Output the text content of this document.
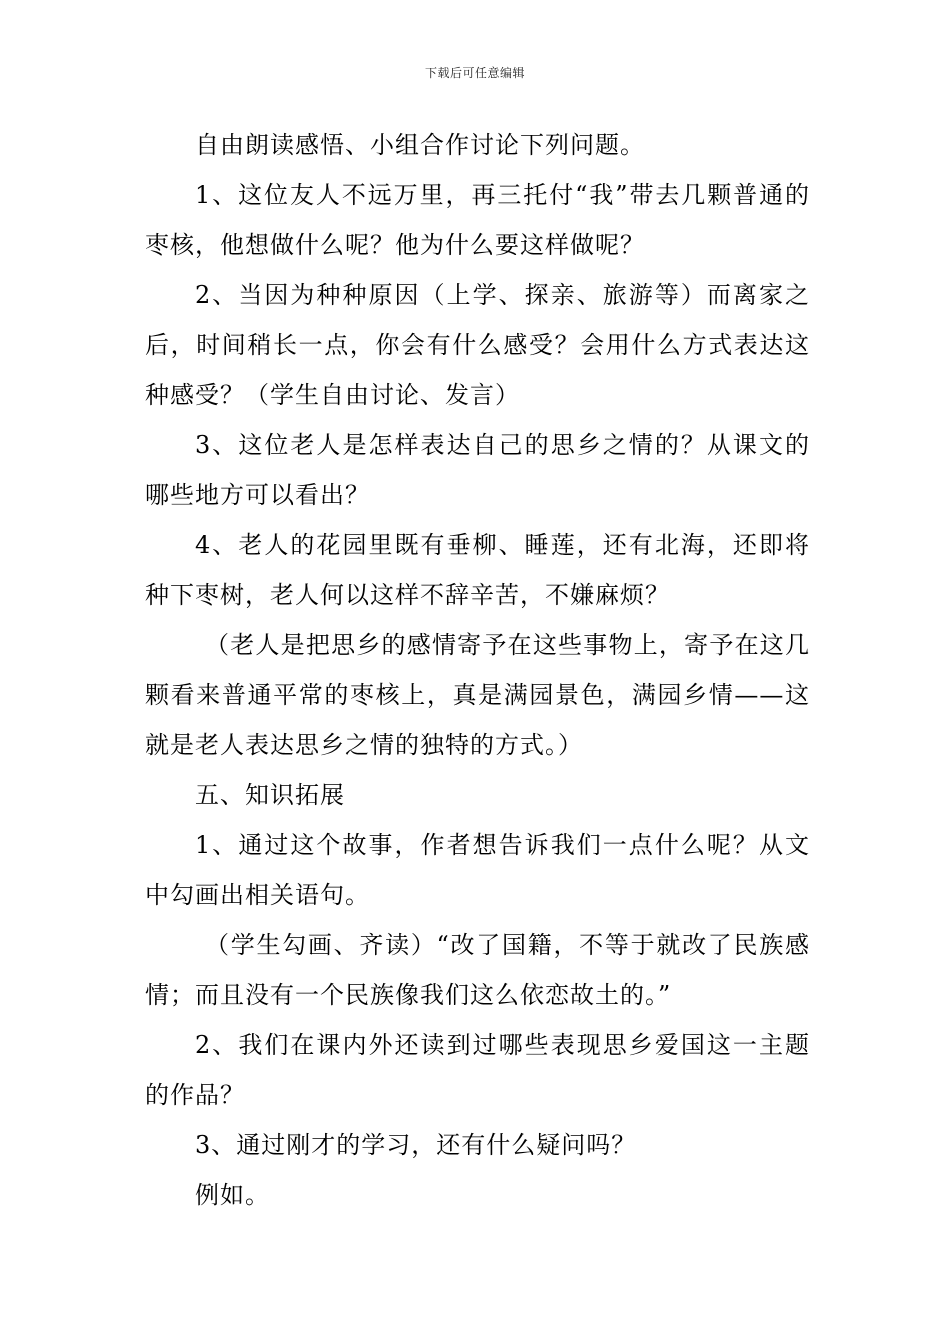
下载后可任意编辑

自由朗读感悟、小组合作讨论下列问题。

1、这位友人不远万里，再三托付“我”带去几颗普通的枣核，他想做什么呢？他为什么要这样做呢？

2、当因为种种原因（上学、探亲、旅游等）而离家之后，时间稍长一点，你会有什么感受？会用什么方式表达这种感受？（学生自由讨论、发言）

3、这位老人是怎样表达自己的思乡之情的？从课文的哪些地方可以看出？

4、老人的花园里既有垂柳、睡莲，还有北海，还即将种下枣树，老人何以这样不辞辛苦，不嫌麻烦？

（老人是把思乡的感情寄予在这些事物上，寄予在这几颗看来普通平常的枣核上，真是满园景色，满园乡情——这就是老人表达思乡之情的独特的方式。）

五、知识拓展

1、通过这个故事，作者想告诉我们一点什么呢？从文中勾画出相关语句。

（学生勾画、齐读）“改了国籍，不等于就改了民族感情；而且没有一个民族像我们这么依恋故土的。”

2、我们在课内外还读到过哪些表现思乡爱国这一主题的作品？

3、通过刚才的学习，还有什么疑问吗？

例如。
